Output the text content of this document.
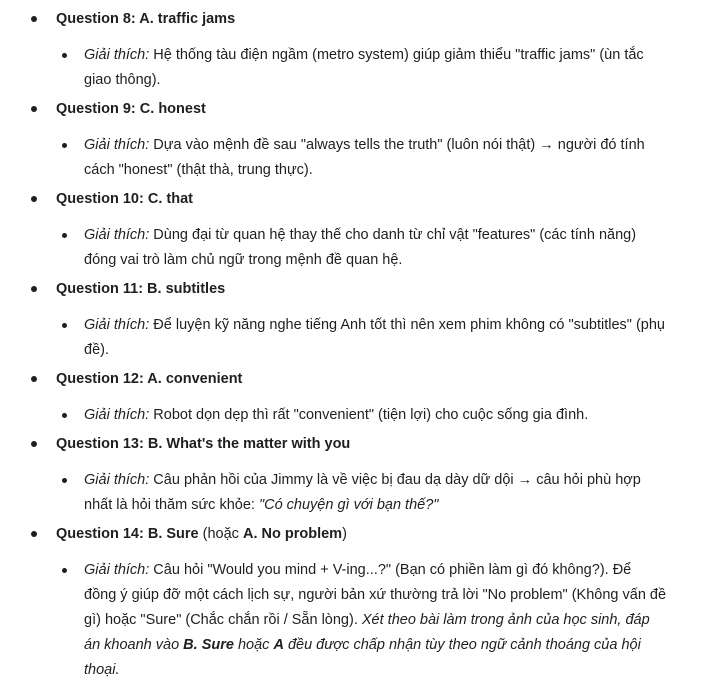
Question 8: A. traffic jams
Giải thích: Hệ thống tàu điện ngầm (metro system) giúp giảm thiểu "traffic jams" (ùn tắc giao thông).
Question 9: C. honest
Giải thích: Dựa vào mệnh đề sau "always tells the truth" (luôn nói thật) → người đó tính cách "honest" (thật thà, trung thực).
Question 10: C. that
Giải thích: Dùng đại từ quan hệ thay thế cho danh từ chỉ vật "features" (các tính năng) đóng vai trò làm chủ ngữ trong mệnh đề quan hệ.
Question 11: B. subtitles
Giải thích: Để luyện kỹ năng nghe tiếng Anh tốt thì nên xem phim không có "subtitles" (phụ đề).
Question 12: A. convenient
Giải thích: Robot dọn dẹp thì rất "convenient" (tiện lợi) cho cuộc sống gia đình.
Question 13: B. What's the matter with you
Giải thích: Câu phản hồi của Jimmy là về việc bị đau dạ dày dữ dội → câu hỏi phù hợp nhất là hỏi thăm sức khỏe: "Có chuyện gì với bạn thế?"
Question 14: B. Sure (hoặc A. No problem)
Giải thích: Câu hỏi "Would you mind + V-ing...?" (Bạn có phiền làm gì đó không?). Để đồng ý giúp đỡ một cách lịch sự, người bản xứ thường trả lời "No problem" (Không vấn đề gì) hoặc "Sure" (Chắc chắn rồi / Sẵn lòng). Xét theo bài làm trong ảnh của học sinh, đáp án khoanh vào B. Sure hoặc A đều được chấp nhận tùy theo ngữ cảnh thoáng của hội thoại.
